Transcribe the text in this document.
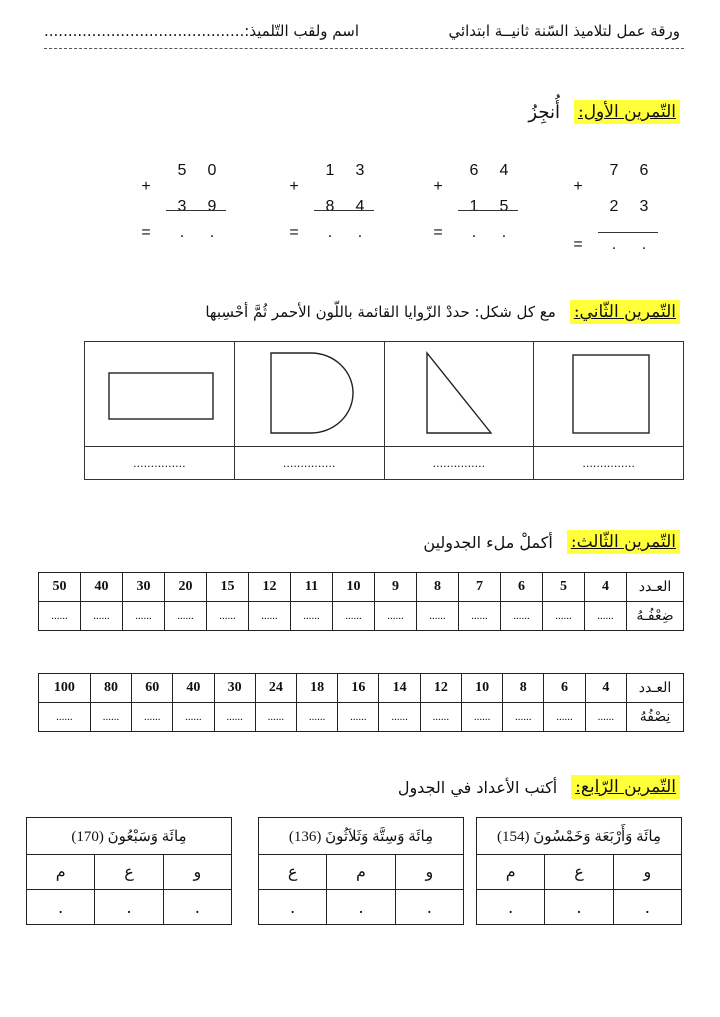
ورقة عمل لتلاميذ السّنة ثانيــة ابتدائي
اسم ولقب التّلميذ:..........................................
التّمرين الأول:
أُنجِزُ
7	6
+
2	3
=	.	.
6	4
+
1	5
=	.	.
1	3
+
8	4
=	.	.
5	0
+
3	9
=	.	.
التّمرين الثّاني:
مع كل شكل: حددْ الزّوايا القائمة باللّون الأحمر ثُمَّ أحْسِبها

...............	...............	...............	...............
التّمرين الثّالث:
أكملْ ملء الجدولين
50	40	30	20	15	12	11	10	9	8	7	6	5	4	العـدد
......	......	......	......	......	......	......	......	......	......	......	......	......	......	ضِعْفُـهُ
100	80	60	40	30	24	18	16	14	12	10	8	6	4	العـدد
......	......	......	......	......	......	......	......	......	......	......	......	......	......	نِصْفُهُ
التّمرين الرّابع:
أكتب الأعداد في الجدول
مِائَة وَأَرْبَعَة وَخَمْسُونَ (154)		
م	ع	و
.	.	.
مِائَة وَسِتَّة وَثَلاَثُونَ (136)		
ع	م	و
.	.	.
مِائَة وَسَبْعُونَ (170)		
م	ع	و
.	.	.
